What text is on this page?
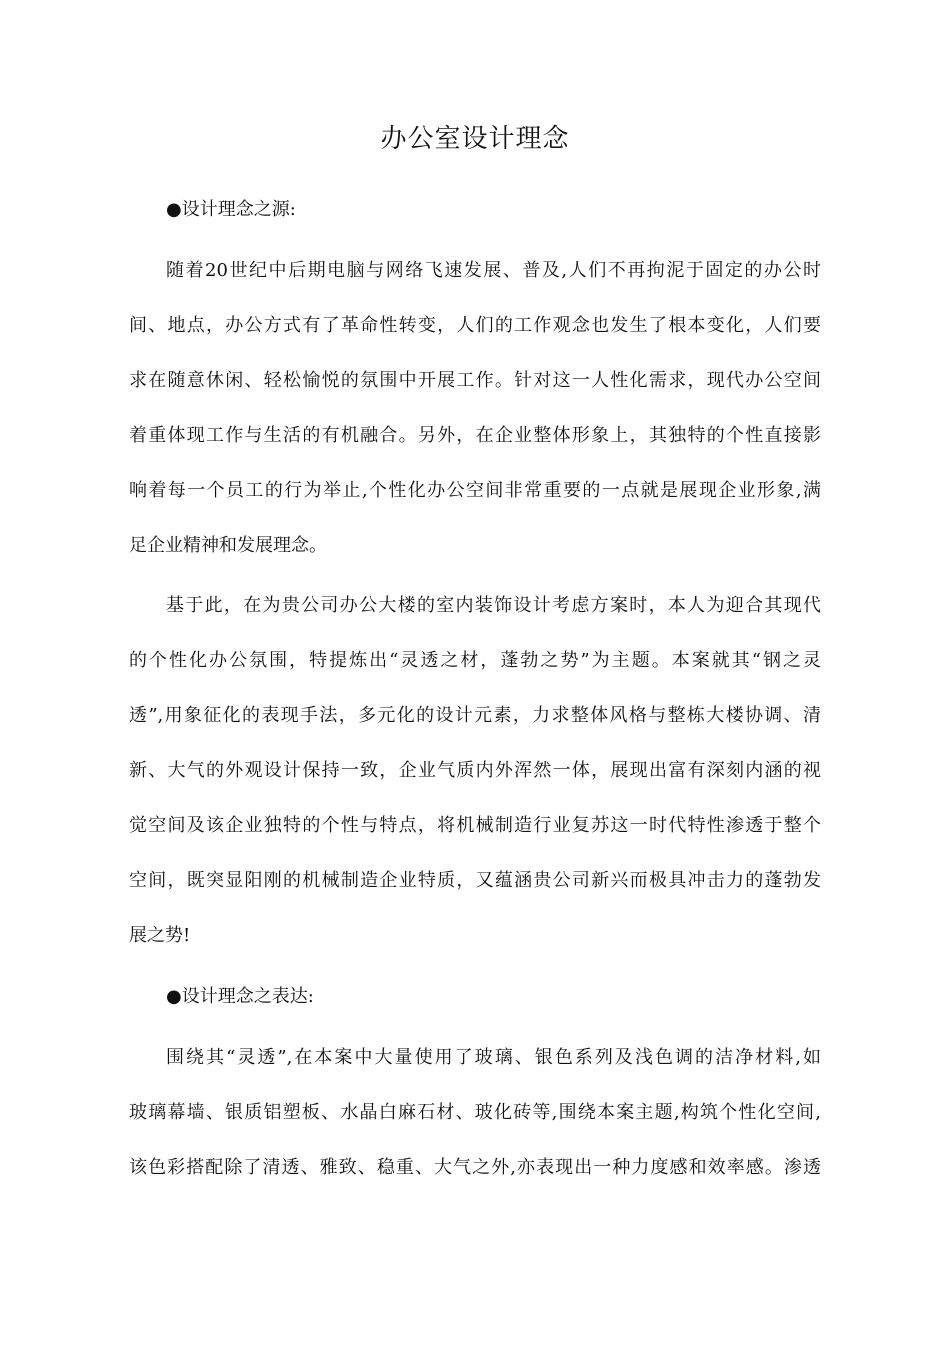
办公室设计理念
●设计理念之源:
随着20世纪中后期电脑与网络飞速发展、普及,人们不再拘泥于固定的办公时
间、地点，办公方式有了革命性转变，人们的工作观念也发生了根本变化，人们要
求在随意休闲、轻松愉悦的氛围中开展工作。针对这一人性化需求，现代办公空间
着重体现工作与生活的有机融合。另外，在企业整体形象上，其独特的个性直接影
响着每一个员工的行为举止,个性化办公空间非常重要的一点就是展现企业形象,满
足企业精神和发展理念。
基于此，在为贵公司办公大楼的室内装饰设计考虑方案时，本人为迎合其现代
的个性化办公氛围，特提炼出“灵透之材，蓬勃之势”为主题。本案就其“钢之灵
透”,用象征化的表现手法，多元化的设计元素，力求整体风格与整栋大楼协调、清
新、大气的外观设计保持一致，企业气质内外浑然一体，展现出富有深刻内涵的视
觉空间及该企业独特的个性与特点，将机械制造行业复苏这一时代特性渗透于整个
空间，既突显阳刚的机械制造企业特质，又蕴涵贵公司新兴而极具冲击力的蓬勃发
展之势!
●设计理念之表达:
围绕其“灵透”,在本案中大量使用了玻璃、银色系列及浅色调的洁净材料,如
玻璃幕墙、银质铝塑板、水晶白麻石材、玻化砖等,围绕本案主题,构筑个性化空间,
该色彩搭配除了清透、雅致、稳重、大气之外,亦表现出一种力度感和效率感。渗透
